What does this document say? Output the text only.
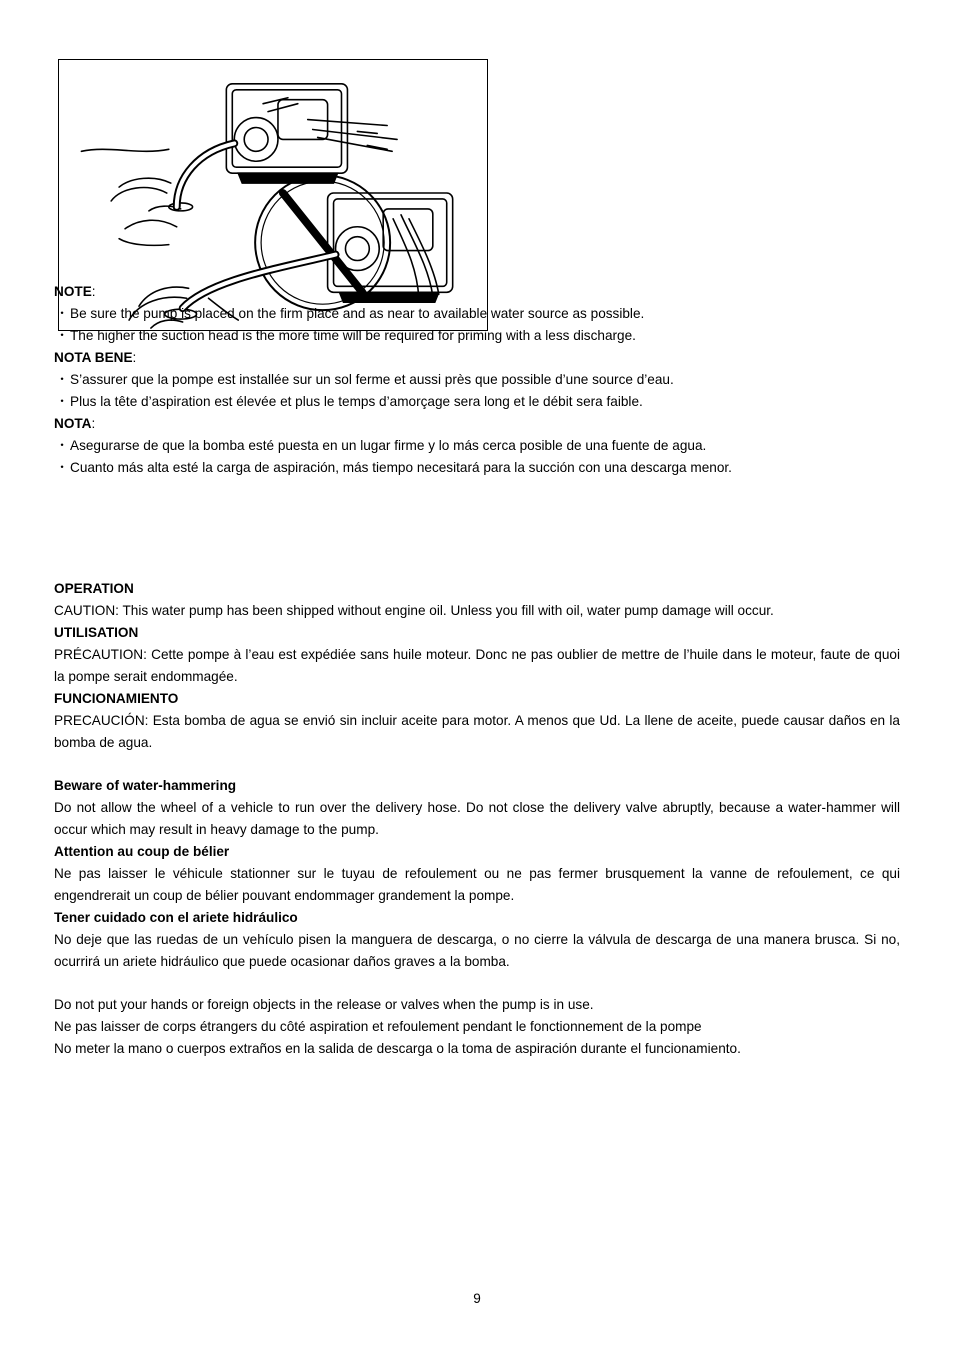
NOTE:
・Be sure the pump is placed on the firm place and as near to available water source as possible.
・The higher the suction head is the more time will be required for priming with a less discharge.
NOTA BENE:
・S’assurer que la pompe est installée sur un sol ferme et aussi près que possible d’une source d’eau.
・Plus la tête d’aspiration est élevée et plus le temps d’amorçage sera long et le débit sera faible.
NOTA:
・Asegurarse de que la bomba esté puesta en un lugar firme y lo más cerca posible de una fuente de agua.
・Cuanto más alta esté la carga de aspiración, más tiempo necesitará para la succión con una descarga menor.
OPERATION
CAUTION: This water pump has been shipped without engine oil. Unless you fill with oil, water pump damage will occur.
UTILISATION
PRÉCAUTION: Cette pompe à l’eau est expédiée sans huile moteur. Donc ne pas oublier de mettre de l’huile dans le moteur, faute de quoi la pompe serait endommagée.
FUNCIONAMIENTO
PRECAUCIÓN: Esta bomba de agua se envió sin incluir aceite para motor. A menos que Ud. La llene de aceite, puede causar daños en la bomba de agua.
Beware of water-hammering
Do not allow the wheel of a vehicle to run over the delivery hose. Do not close the delivery valve abruptly, because a water-hammer will occur which may result in heavy damage to the pump.
Attention au coup de bélier
Ne pas laisser le véhicule stationner sur le tuyau de refoulement ou ne pas fermer brusquement la vanne de refoulement, ce qui engendrerait un coup de bélier pouvant endommager grandement la pompe.
Tener cuidado con el ariete hidráulico
No deje que las ruedas de un vehículo pisen la manguera de descarga, o no cierre la válvula de descarga de una manera brusca. Si no, ocurrirá un ariete hidráulico que puede ocasionar daños graves a la bomba.
Do not put your hands or foreign objects in the release or valves when the pump is in use.
Ne pas laisser de corps étrangers du côté aspiration et refoulement pendant le fonctionnement de la pompe
No meter la mano o cuerpos extraños en la salida de descarga o la toma de aspiración durante el funcionamiento.
9
